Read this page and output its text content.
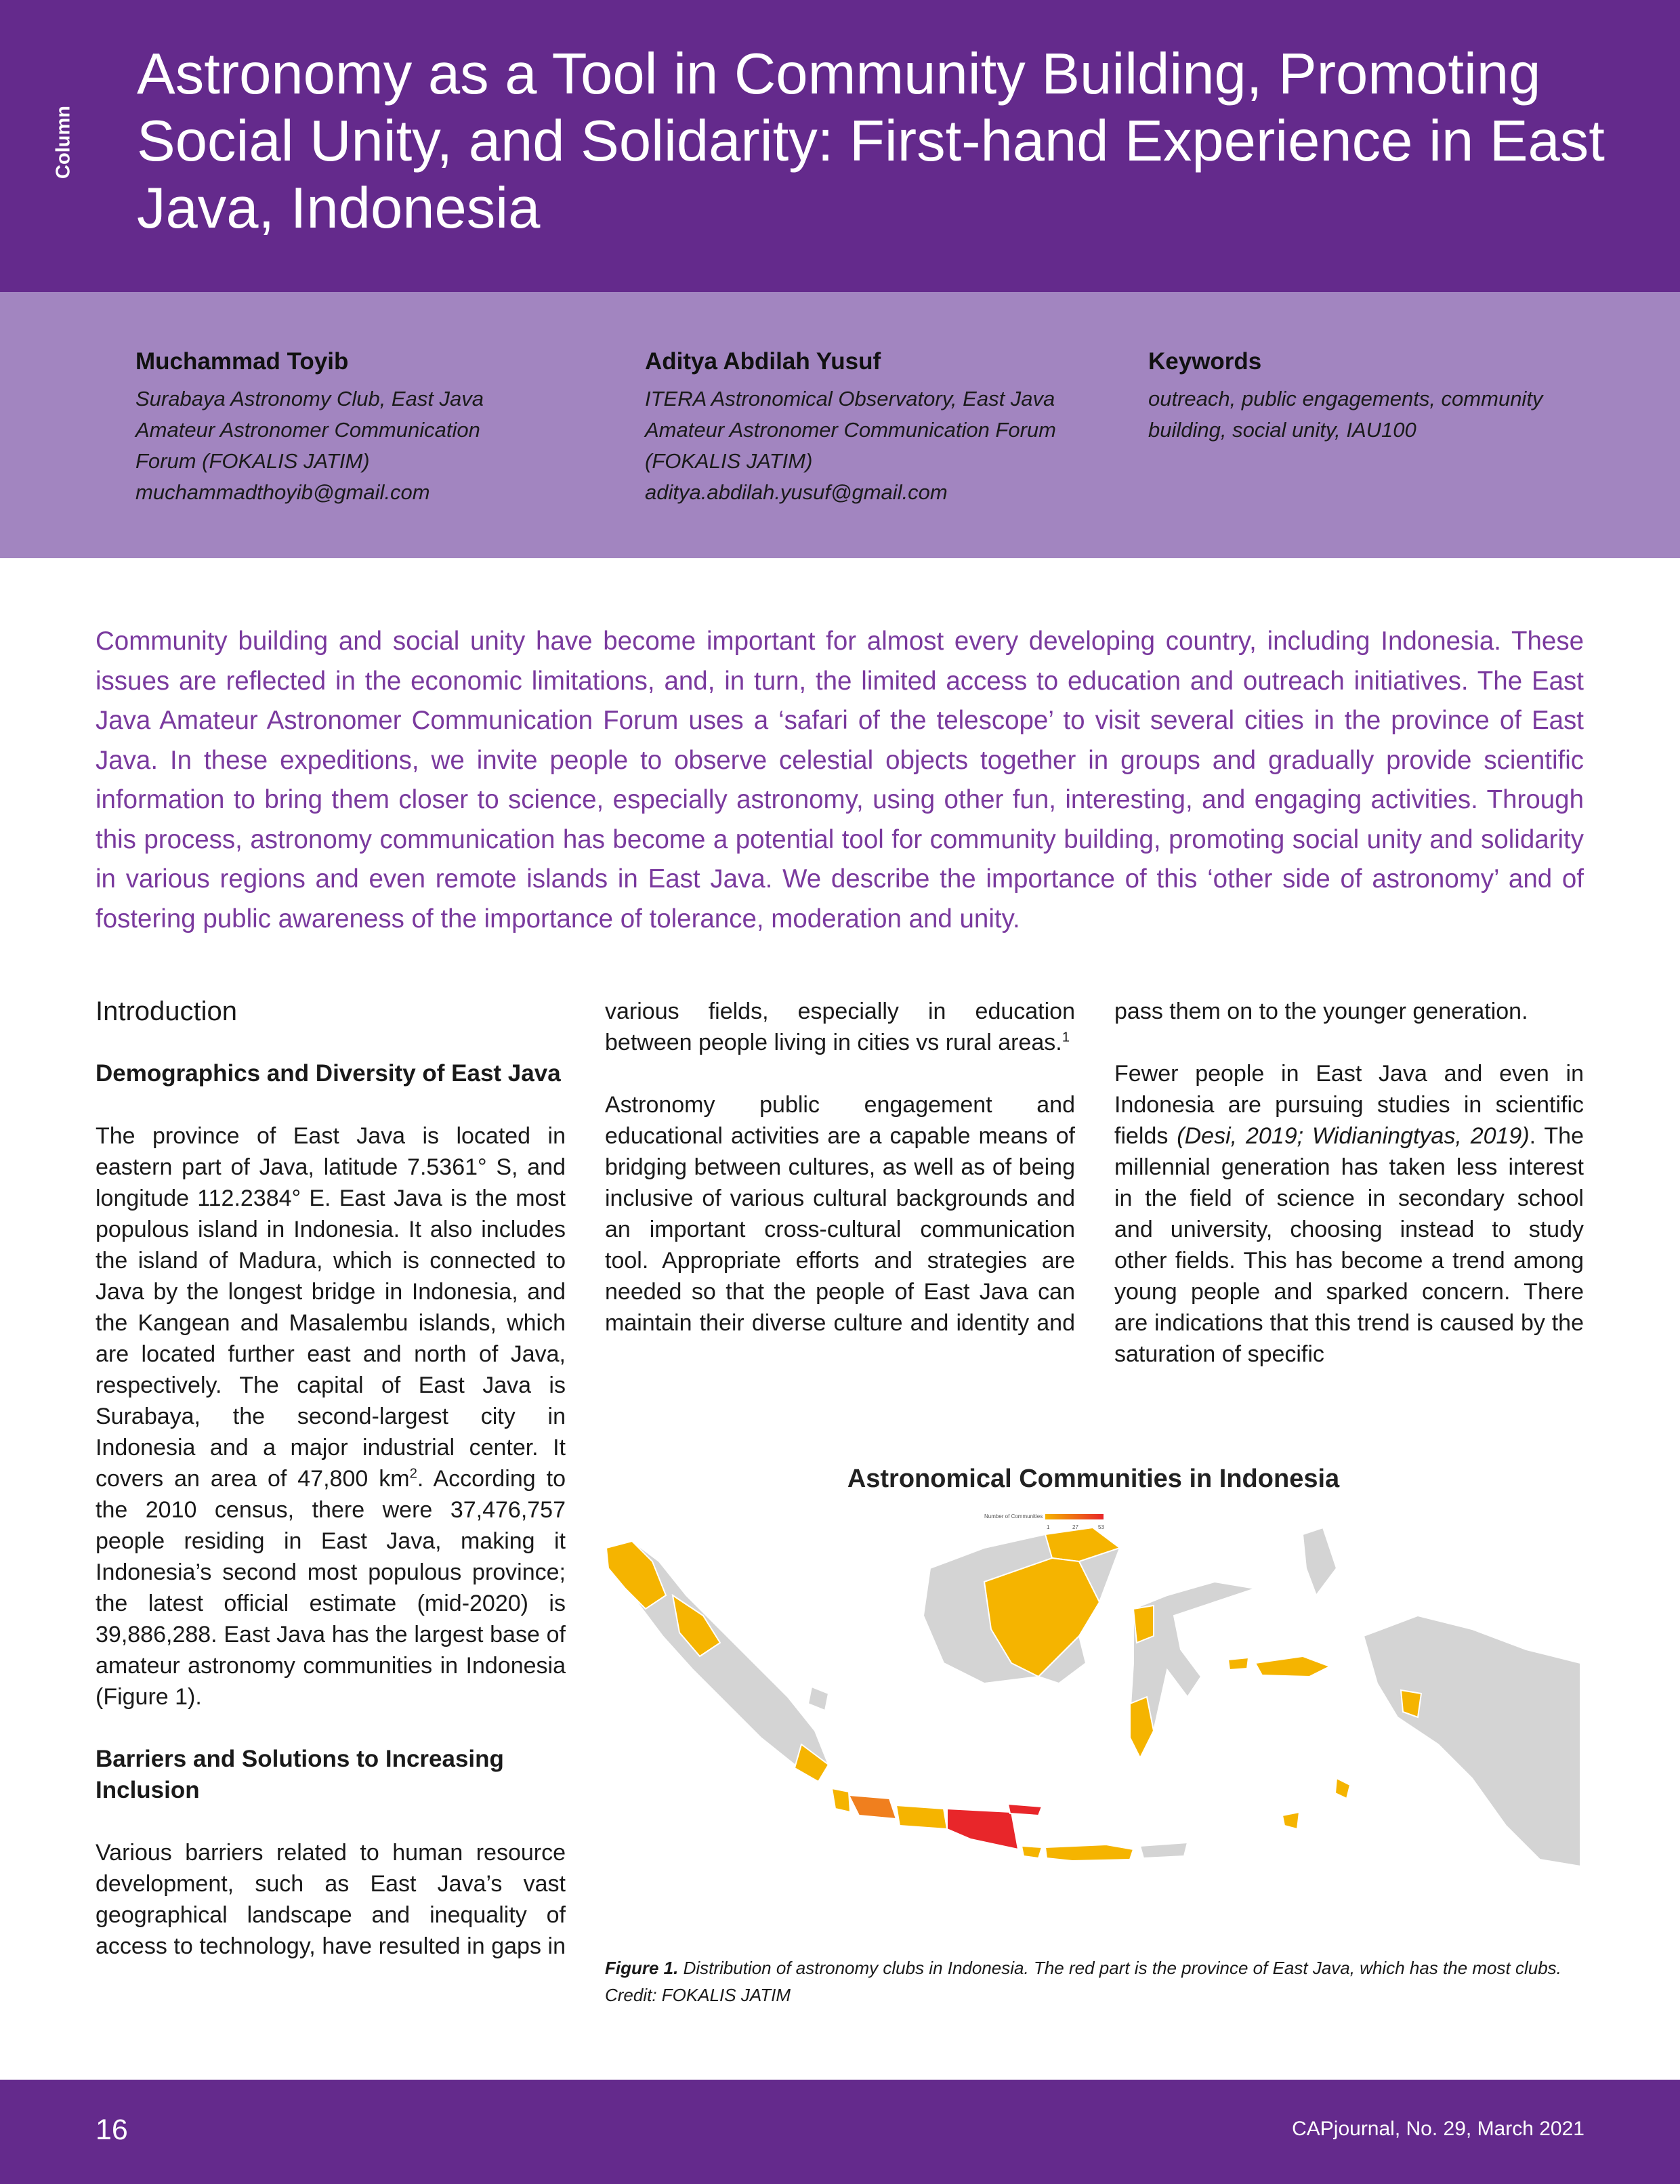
Column
Astronomy as a Tool in Community Building, Promoting Social Unity, and Solidarity: First-hand Experience in East Java, Indonesia
Muchammad Toyib
Surabaya Astronomy Club, East Java
Amateur Astronomer Communication
Forum (FOKALIS JATIM)
muchammadthoyib@gmail.com
Aditya Abdilah Yusuf
ITERA Astronomical Observatory, East Java
Amateur Astronomer Communication Forum
(FOKALIS JATIM)
aditya.abdilah.yusuf@gmail.com
Keywords
outreach, public engagements, community
building, social unity, IAU100

Community building and social unity have become important for almost every developing country, including Indonesia. These issues are reflected in the economic limitations, and, in turn, the limited access to education and outreach initiatives. The East Java Amateur Astronomer Communication Forum uses a ‘safari of the telescope’ to visit several cities in the province of East Java. In these expeditions, we invite people to observe celestial objects together in groups and gradually provide scientific information to bring them closer to science, especially astronomy, using other fun, interesting, and engaging activities. Through this process, astronomy communication has become a potential tool for community building, promoting social unity and solidarity in various regions and even remote islands in East Java. We describe the importance of this ‘other side of astronomy’ and of fostering public awareness of the importance of tolerance, moderation and unity.

Introduction
Demographics and Diversity of East Java

The province of East Java is located in eastern part of Java, latitude 7.5361° S, and longitude 112.2384° E. East Java is the most populous island in Indonesia. It also includes the island of Madura, which is connected to Java by the longest bridge in Indonesia, and the Kangean and Masalembu islands, which are located further east and north of Java, respectively. The capital of East Java is Surabaya, the second-largest city in Indonesia and a major industrial center. It covers an area of 47,800 $km^2$. According to the 2010 census, there were 37,476,757 people residing in East Java, making it Indonesia’s second most populous province; the latest official estimate (mid-2020) is 39,886,288. East Java has the largest base of amateur astronomy communities in Indonesia (Figure 1).

Barriers and Solutions to Increasing Inclusion

Various barriers related to human resource development, such as East Java’s vast geographical landscape and inequality of access to technology, have resulted in gaps in

various fields, especially in education between people living in cities vs rural areas.$^1$

Astronomy public engagement and educational activities are a capable means of bridging between cultures, as well as of being inclusive of various cultural backgrounds and an important cross-cultural communication tool. Appropriate efforts and strategies are needed so that the people of East Java can maintain their diverse culture and identity and

pass them on to the younger generation.

Fewer people in East Java and even in Indonesia are pursuing studies in scientific fields (Desi, 2019; Widianingtyas, 2019). The millennial generation has taken less interest in the field of science in secondary school and university, choosing instead to study other fields. This has become a trend among young people and sparked concern. There are indications that this trend is caused by the saturation of specific

Astronomical Communities in Indonesia
Number of Communities
1	27	53

Figure 1. Distribution of astronomy clubs in Indonesia. The red part is the province of East Java, which has the most clubs. Credit: FOKALIS JATIM

16	CAPjournal, No. 29, March 2021
